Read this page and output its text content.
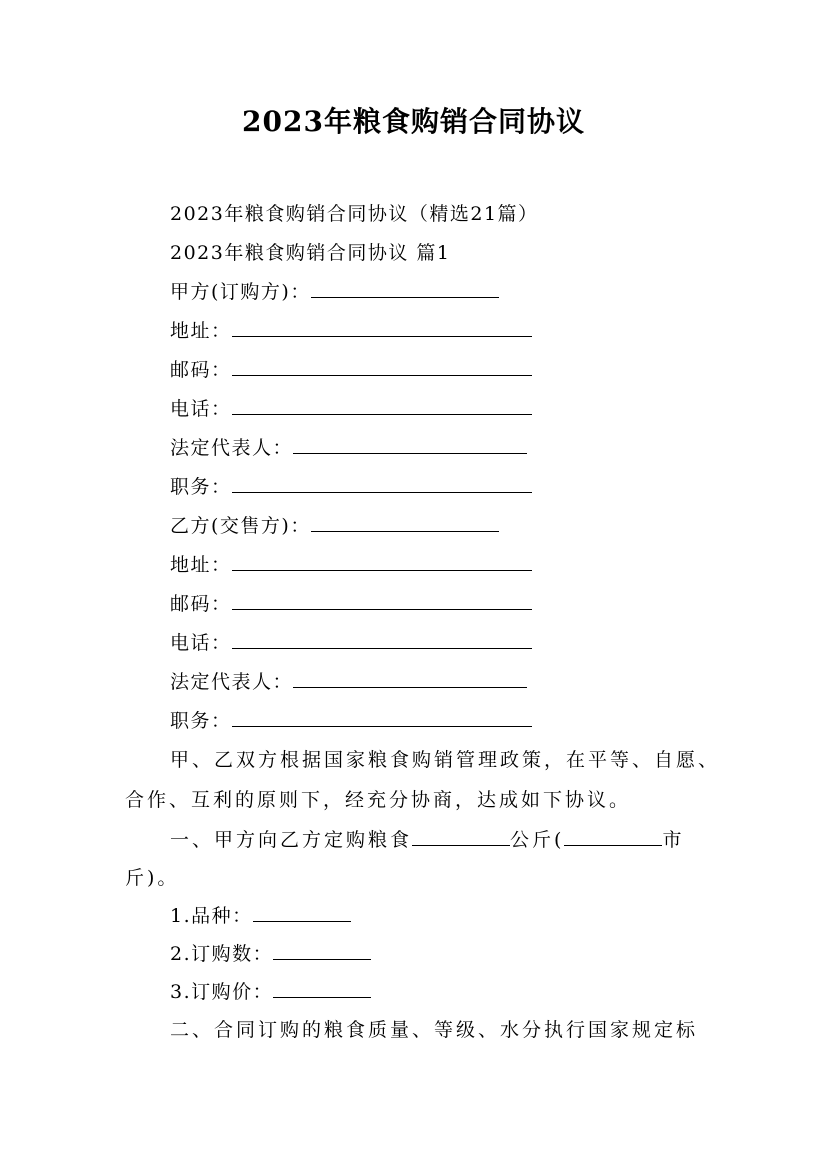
2023年粮食购销合同协议
2023年粮食购销合同协议（精选21篇）
2023年粮食购销合同协议 篇1
甲方(订购方)：
地址：
邮码：
电话：
法定代表人：
职务：
乙方(交售方)：
地址：
邮码：
电话：
法定代表人：
职务：
甲、乙双方根据国家粮食购销管理政策，在平等、自愿、
合作、互利的原则下，经充分协商，达成如下协议。
一、甲方向乙方定购粮食	公斤(	市
斤)。
1.品种：
2.订购数：
3.订购价：
二、合同订购的粮食质量、等级、水分执行国家规定标
